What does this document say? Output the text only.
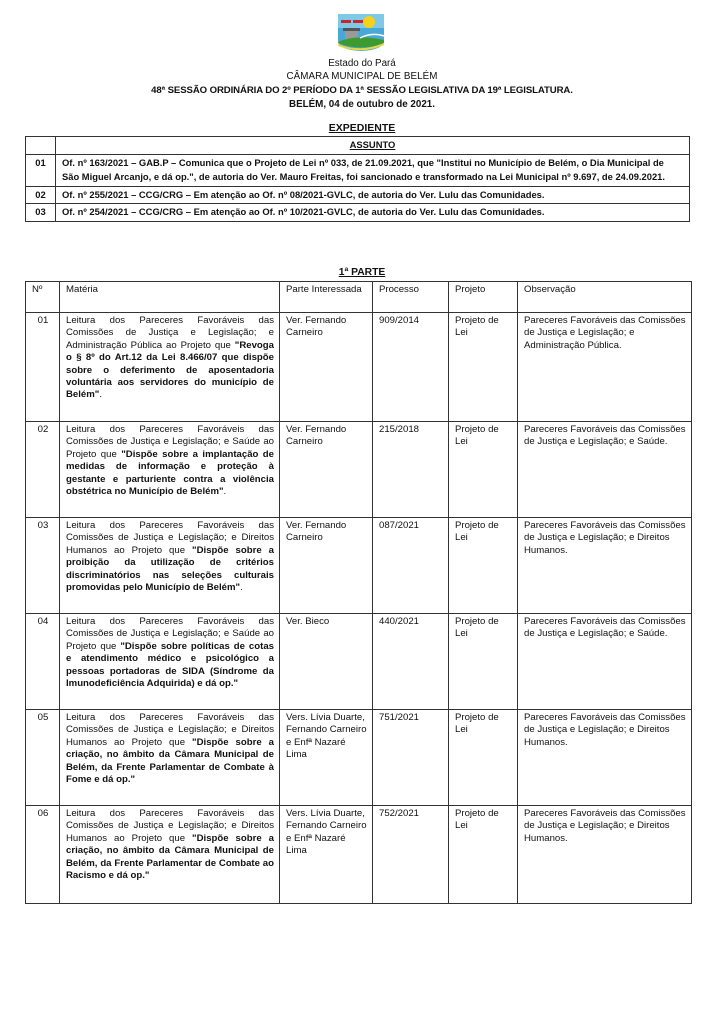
Estado do Pará
CÂMARA MUNICIPAL DE BELÉM
48ª SESSÃO ORDINÁRIA DO 2º PERÍODO DA 1ª SESSÃO LEGISLATIVA DA 19ª LEGISLATURA.
BELÉM, 04 de outubro de 2021.
EXPEDIENTE
	ASSUNTO
01	Of. nº 163/2021 – GAB.P – Comunica que o Projeto de Lei nº 033, de 21.09.2021, que "Institui no Município de Belém, o Dia Municipal de São Miguel Arcanjo, e dá op.", de autoria do Ver. Mauro Freitas, foi sancionado e transformado na Lei Municipal nº 9.697, de 24.09.2021.
02	Of. nº 255/2021 – CCG/CRG – Em atenção ao Of. nº 08/2021-GVLC, de autoria do Ver. Lulu das Comunidades.
03	Of. nº 254/2021 – CCG/CRG – Em atenção ao Of. nº 10/2021-GVLC, de autoria do Ver. Lulu das Comunidades.
1ª PARTE
Nº	Matéria	Parte Interessada	Processo	Projeto	Observação
01	Leitura dos Pareceres Favoráveis das Comissões de Justiça e Legislação; e Administração Pública ao Projeto que "Revoga o § 8º do Art.12 da Lei 8.466/07 que dispõe sobre o deferimento de aposentadoria voluntária aos servidores do município de Belém".	Ver. Fernando Carneiro	909/2014	Projeto de Lei	Pareceres Favoráveis das Comissões de Justiça e Legislação; e Administração Pública.
02	Leitura dos Pareceres Favoráveis das Comissões de Justiça e Legislação; e Saúde ao Projeto que "Dispõe sobre a implantação de medidas de informação e proteção à gestante e parturiente contra a violência obstétrica no Município de Belém".	Ver. Fernando Carneiro	215/2018	Projeto de Lei	Pareceres Favoráveis das Comissões de Justiça e Legislação; e Saúde.
03	Leitura dos Pareceres Favoráveis das Comissões de Justiça e Legislação; e Direitos Humanos ao Projeto que "Dispõe sobre a proibição da utilização de critérios discriminatórios nas seleções culturais promovidas pelo Município de Belém".	Ver. Fernando Carneiro	087/2021	Projeto de Lei	Pareceres Favoráveis das Comissões de Justiça e Legislação; e Direitos Humanos.
04	Leitura dos Pareceres Favoráveis das Comissões de Justiça e Legislação; e Saúde ao Projeto que "Dispõe sobre políticas de cotas e atendimento médico e psicológico a pessoas portadoras de SIDA (Síndrome da Imunodeficiência Adquirida) e dá op."	Ver. Bieco	440/2021	Projeto de Lei	Pareceres Favoráveis das Comissões de Justiça e Legislação; e Saúde.
05	Leitura dos Pareceres Favoráveis das Comissões de Justiça e Legislação; e Direitos Humanos ao Projeto que "Dispõe sobre a criação, no âmbito da Câmara Municipal de Belém, da Frente Parlamentar de Combate à Fome e dá op."	Vers. Lívia Duarte, Fernando Carneiro e Enfª Nazaré Lima	751/2021	Projeto de Lei	Pareceres Favoráveis das Comissões de Justiça e Legislação; e Direitos Humanos.
06	Leitura dos Pareceres Favoráveis das Comissões de Justiça e Legislação; e Direitos Humanos ao Projeto que "Dispõe sobre a criação, no âmbito da Câmara Municipal de Belém, da Frente Parlamentar de Combate ao Racismo e dá op."	Vers. Lívia Duarte, Fernando Carneiro e Enfª Nazaré Lima	752/2021	Projeto de Lei	Pareceres Favoráveis das Comissões de Justiça e Legislação; e Direitos Humanos.
